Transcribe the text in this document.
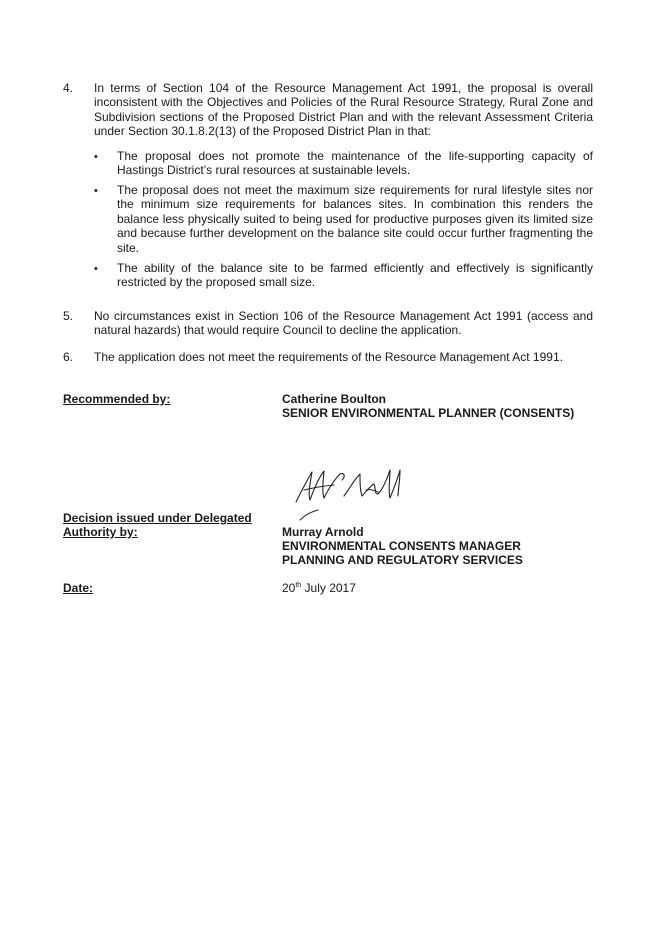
4.	In terms of Section 104 of the Resource Management Act 1991, the proposal is overall inconsistent with the Objectives and Policies of the Rural Resource Strategy, Rural Zone and Subdivision sections of the Proposed District Plan and with the relevant Assessment Criteria under Section 30.1.8.2(13) of the Proposed District Plan in that:
•	The proposal does not promote the maintenance of the life-supporting capacity of Hastings District’s rural resources at sustainable levels.
•	The proposal does not meet the maximum size requirements for rural lifestyle sites nor the minimum size requirements for balances sites. In combination this renders the balance less physically suited to being used for productive purposes given its limited size and because further development on the balance site could occur further fragmenting the site.
•	The ability of the balance site to be farmed efficiently and effectively is significantly restricted by the proposed small size.
5.	No circumstances exist in Section 106 of the Resource Management Act 1991 (access and natural hazards) that would require Council to decline the application.
6.	The application does not meet the requirements of the Resource Management Act 1991.
Recommended by:	Catherine Boulton
SENIOR ENVIRONMENTAL PLANNER (CONSENTS)
Decision issued under Delegated
Authority by:	Murray Arnold
ENVIRONMENTAL CONSENTS MANAGER
PLANNING AND REGULATORY SERVICES
Date:	20th July 2017
